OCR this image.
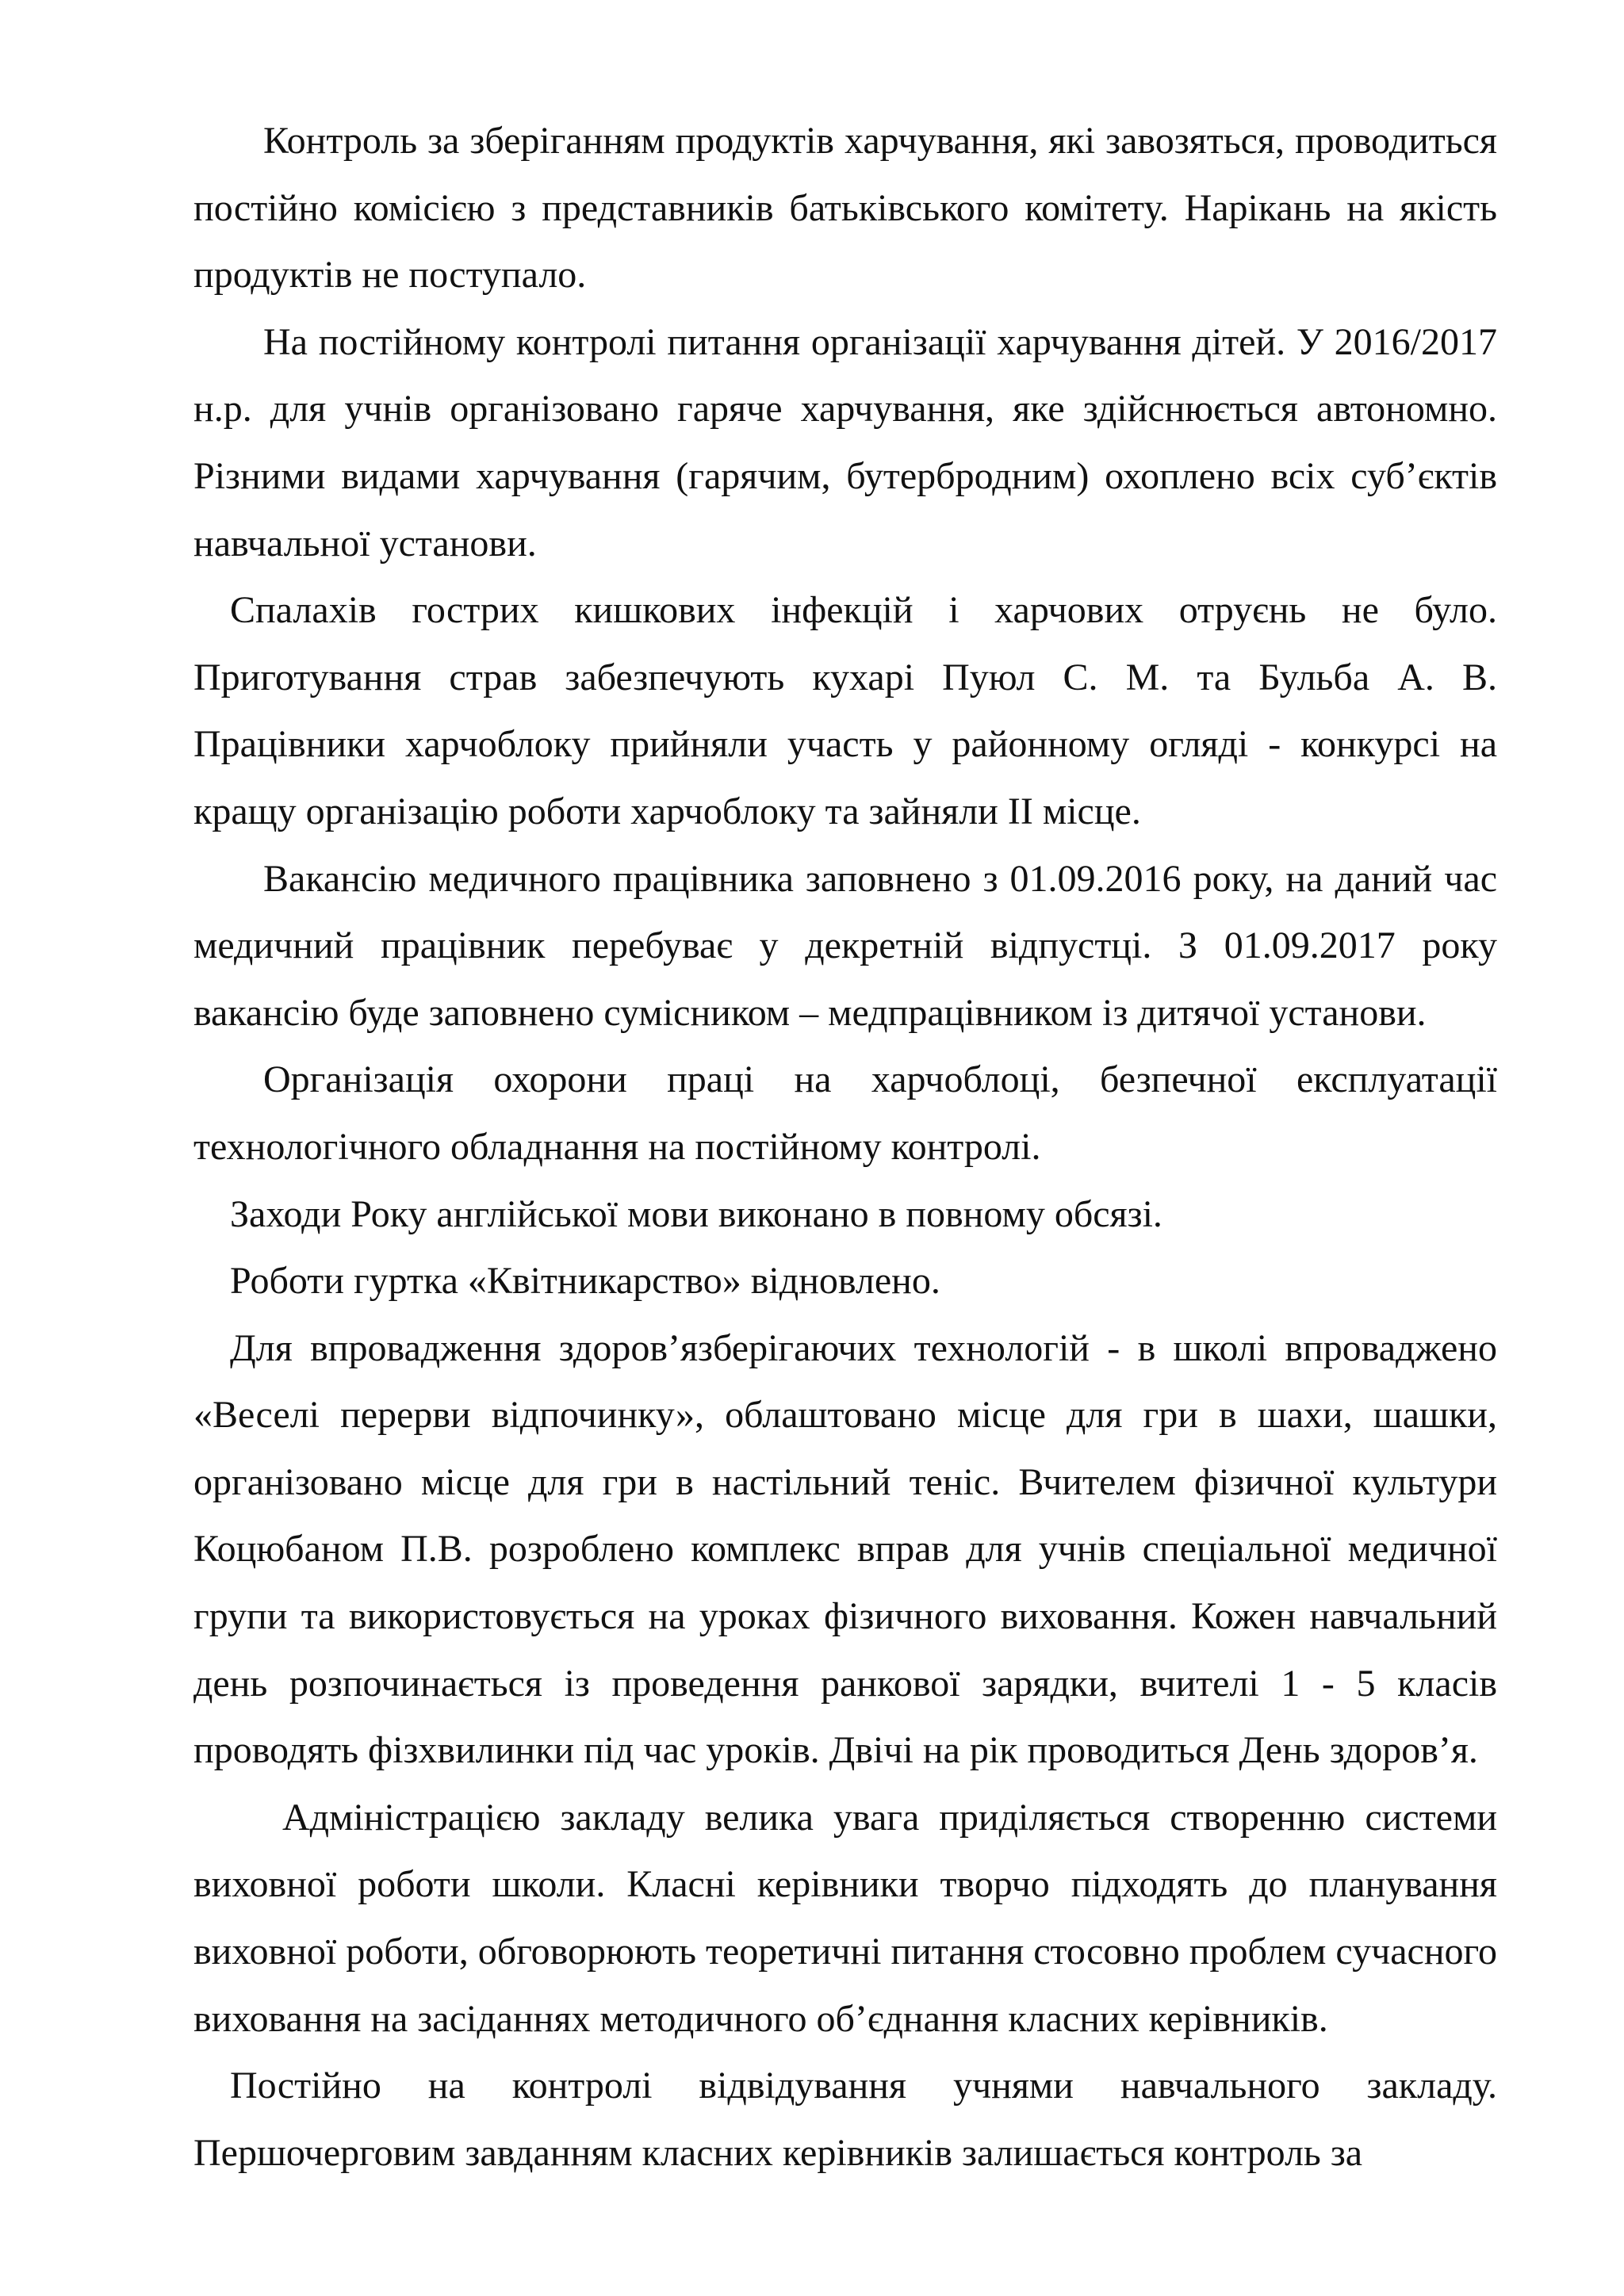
Контроль за зберіганням продуктів харчування, які завозяться, проводиться постійно комісією з представників батьківського комітету. Нарікань на якість продуктів не поступало.

На постійному контролі питання організації харчування дітей. У 2016/2017 н.р. для учнів організовано гаряче харчування, яке здійснюється автономно. Різними видами харчування (гарячим, бутербродним) охоплено всіх суб’єктів навчальної установи.

Спалахів гострих кишкових інфекцій і харчових отруєнь не було. Приготування страв забезпечують кухарі Пуюл С. М. та Бульба А. В. Працівники харчоблоку прийняли участь у районному огляді - конкурсі на кращу організацію роботи харчоблоку та зайняли ІІ місце.

Вакансію медичного працівника заповнено з 01.09.2016 року, на даний час медичний працівник перебуває у декретній відпустці. З 01.09.2017 року вакансію буде заповнено сумісником – медпрацівником із дитячої установи.

Організація охорони праці на харчоблоці, безпечної експлуатації технологічного обладнання на постійному контролі.

Заходи Року англійської мови виконано в повному обсязі.

Роботи гуртка «Квітникарство» відновлено.

Для впровадження здоров’язберігаючих технологій - в школі впроваджено «Веселі перерви відпочинку», облаштовано місце для гри в шахи, шашки, організовано місце для гри в настільний теніс. Вчителем фізичної культури Коцюбаном П.В. розроблено комплекс вправ для учнів спеціальної медичної групи та використовується на уроках фізичного виховання. Кожен навчальний день розпочинається із проведення ранкової зарядки, вчителі 1 - 5 класів проводять фізхвилинки під час уроків. Двічі на рік проводиться День здоров’я.

Адміністрацією закладу велика увага приділяється створенню системи виховної роботи школи. Класні керівники творчо підходять до планування виховної роботи, обговорюють теоретичні питання стосовно проблем сучасного виховання на засіданнях методичного об’єднання класних керівників.

Постійно на контролі відвідування учнями навчального закладу. Першочерговим завданням класних керівників залишається контроль за
